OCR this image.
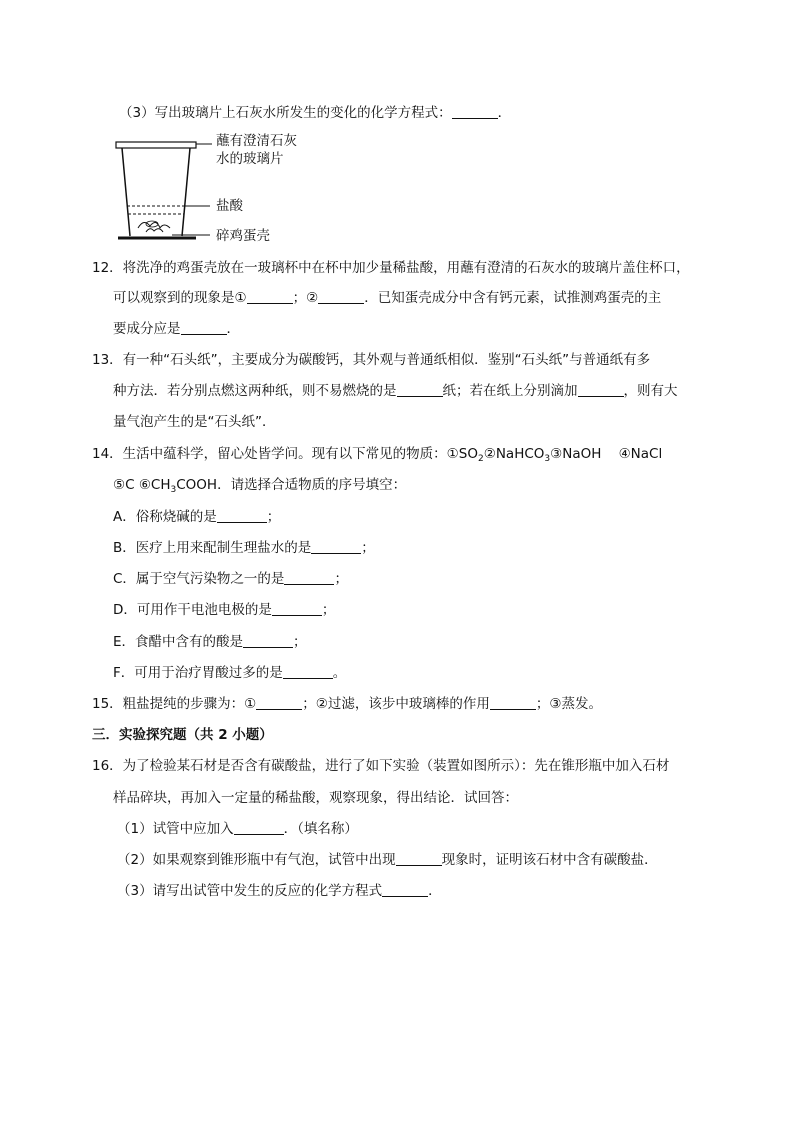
（3）写出玻璃片上石灰水所发生的变化的化学方程式：	．
蘸有澄清石灰
水的玻璃片
盐酸
碎鸡蛋壳
12．将洗净的鸡蛋壳放在一玻璃杯中在杯中加少量稀盐酸，用蘸有澄清的石灰水的玻璃片盖住杯口，
可以观察到的现象是①	；②	．已知蛋壳成分中含有钙元素，试推测鸡蛋壳的主
要成分应是	．
13．有一种“石头纸”，主要成分为碳酸钙，其外观与普通纸相似．鉴别“石头纸”与普通纸有多
种方法．若分别点燃这两种纸，则不易燃烧的是	纸；若在纸上分别滴加	，则有大
量气泡产生的是“石头纸”．
14．生活中蕴科学，留心处皆学问。现有以下常见的物质：$①SO_2②NaHCO_3③NaOH$ ④NaCl
⑤C $⑥CH_3COOH$．请选择合适物质的序号填空：
A．俗称烧碱的是	；
B．医疗上用来配制生理盐水的是	；
C．属于空气污染物之一的是	；
D．可用作干电池电极的是	；
E．食醋中含有的酸是	；
F．可用于治疗胃酸过多的是	。
15．粗盐提纯的步骤为：①	；②过滤，该步中玻璃棒的作用	；③蒸发。
三．实验探究题（共 2 小题）
16．为了检验某石材是否含有碳酸盐，进行了如下实验（装置如图所示）：先在锥形瓶中加入石材
样品碎块，再加入一定量的稀盐酸，观察现象，得出结论．试回答：
（1）试管中应加入	．（填名称）
（2）如果观察到锥形瓶中有气泡，试管中出现	现象时，证明该石材中含有碳酸盐．
（3）请写出试管中发生的反应的化学方程式	．
